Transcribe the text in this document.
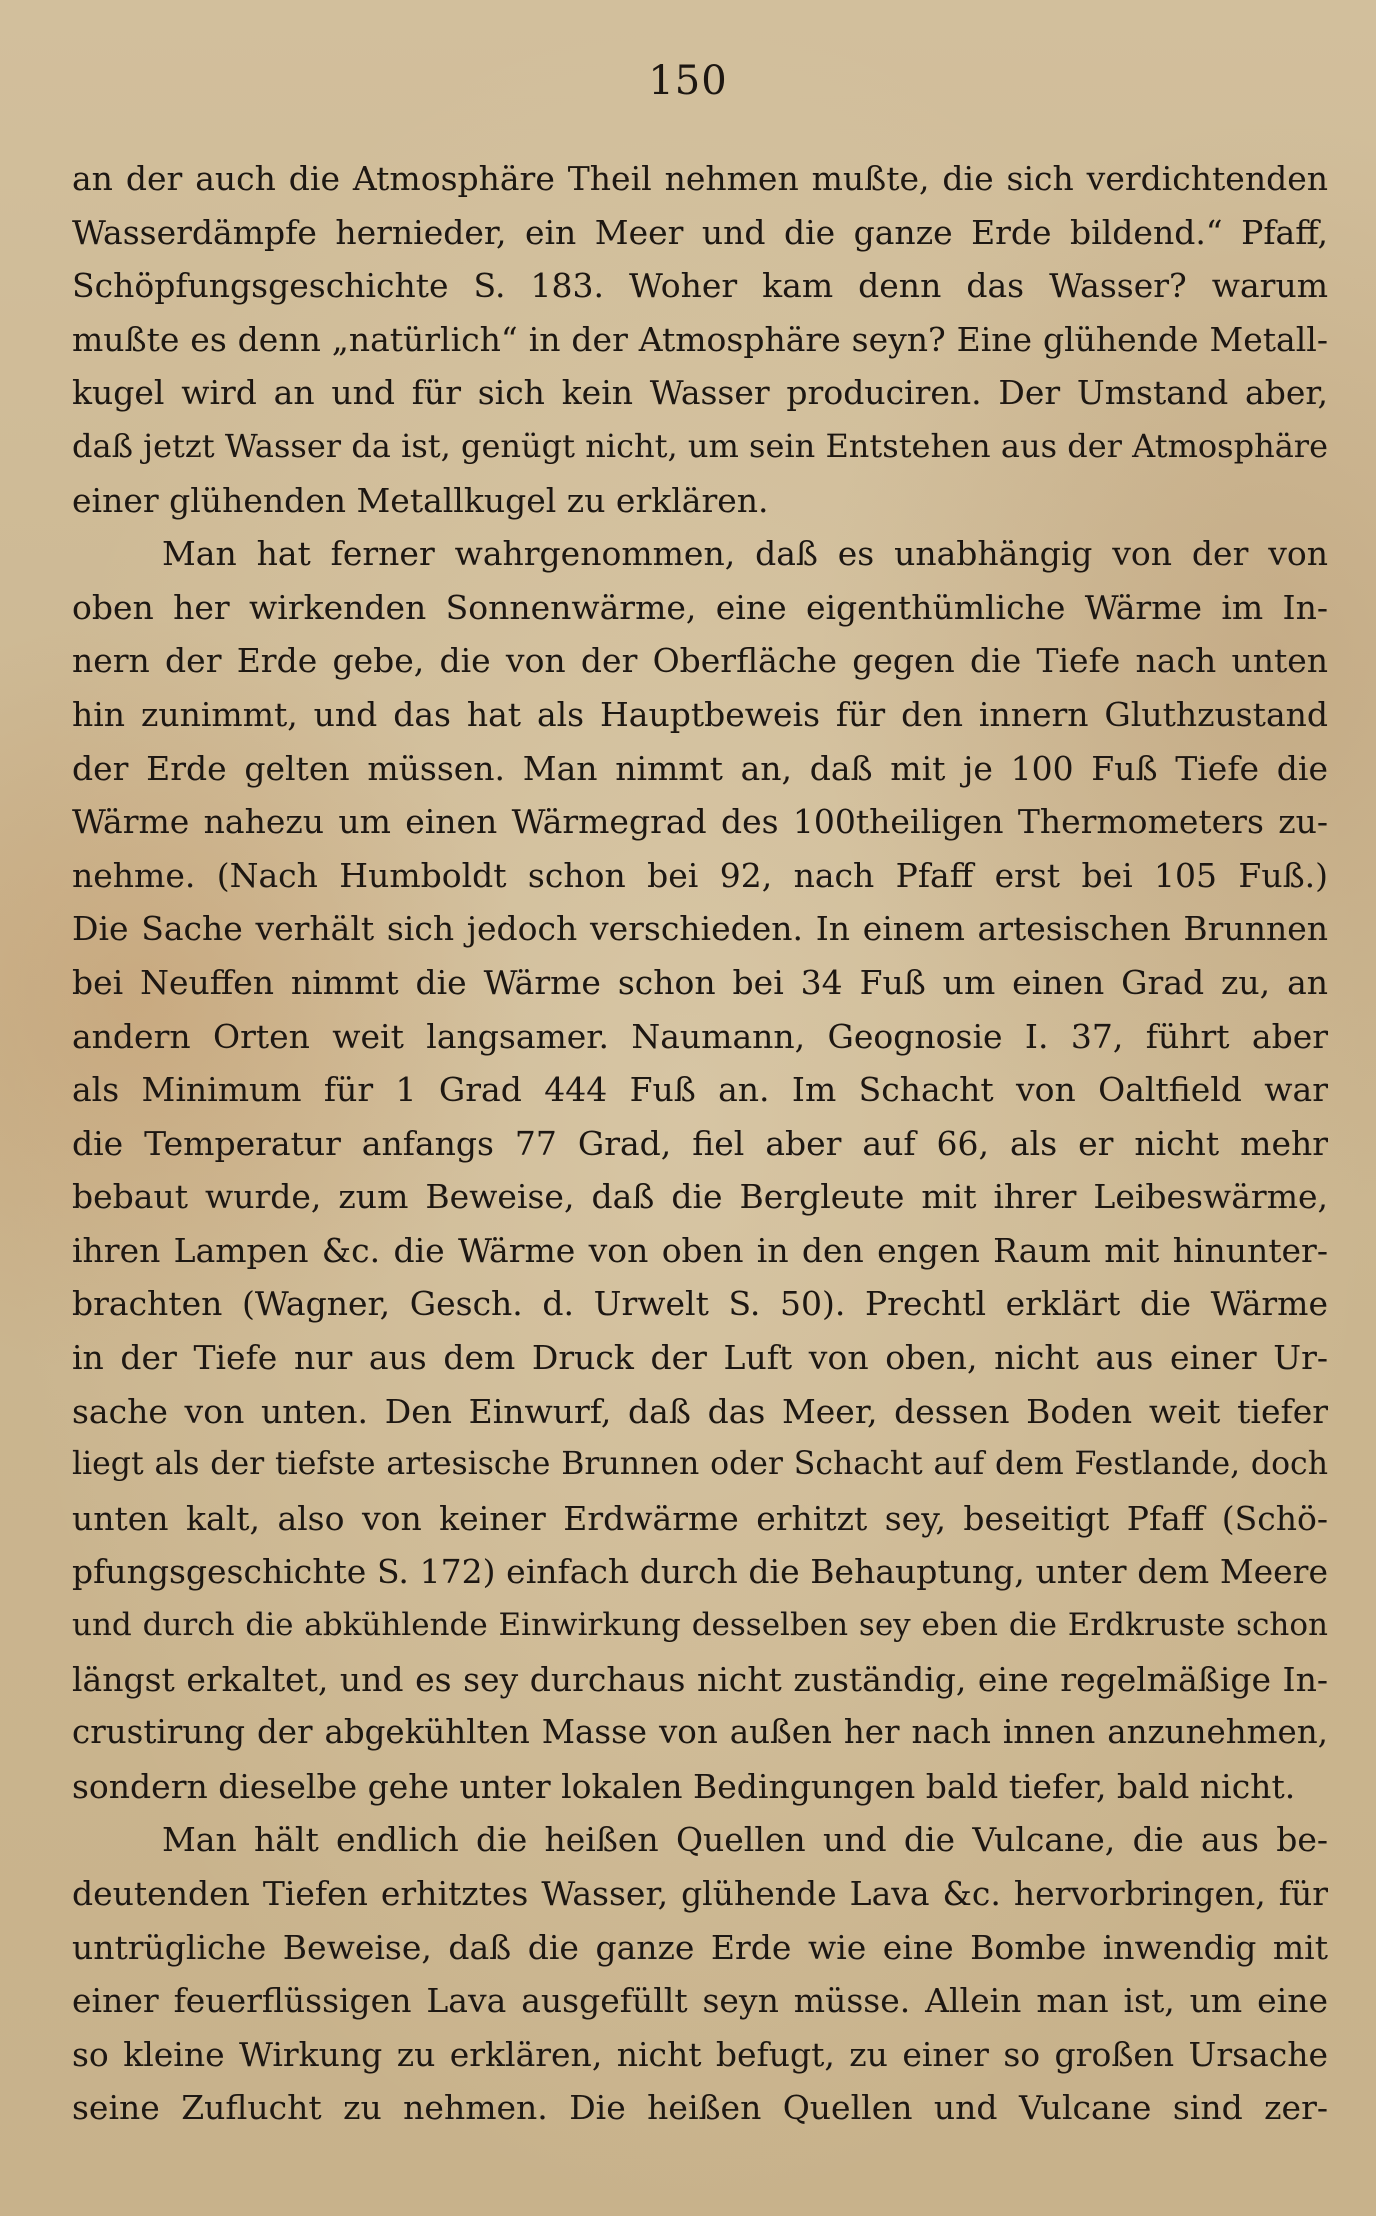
150
an der auch die Atmosphäre Theil nehmen mußte, die sich verdichtenden
Wasserdämpfe hernieder, ein Meer und die ganze Erde bildend.“ Pfaff,
Schöpfungsgeschichte S. 183. Woher kam denn das Wasser? warum
mußte es denn „natürlich“ in der Atmosphäre seyn? Eine glühende Metall-
kugel wird an und für sich kein Wasser produciren. Der Umstand aber,
daß jetzt Wasser da ist, genügt nicht, um sein Entstehen aus der Atmosphäre
einer glühenden Metallkugel zu erklären.
Man hat ferner wahrgenommen, daß es unabhängig von der von
oben her wirkenden Sonnenwärme, eine eigenthümliche Wärme im In-
nern der Erde gebe, die von der Oberfläche gegen die Tiefe nach unten
hin zunimmt, und das hat als Hauptbeweis für den innern Gluthzustand
der Erde gelten müssen. Man nimmt an, daß mit je 100 Fuß Tiefe die
Wärme nahezu um einen Wärmegrad des 100theiligen Thermometers zu-
nehme. (Nach Humboldt schon bei 92, nach Pfaff erst bei 105 Fuß.)
Die Sache verhält sich jedoch verschieden. In einem artesischen Brunnen
bei Neuffen nimmt die Wärme schon bei 34 Fuß um einen Grad zu, an
andern Orten weit langsamer. Naumann, Geognosie I. 37, führt aber
als Minimum für 1 Grad 444 Fuß an. Im Schacht von Oaltfield war
die Temperatur anfangs 77 Grad, fiel aber auf 66, als er nicht mehr
bebaut wurde, zum Beweise, daß die Bergleute mit ihrer Leibeswärme,
ihren Lampen &c. die Wärme von oben in den engen Raum mit hinunter-
brachten (Wagner, Gesch. d. Urwelt S. 50). Prechtl erklärt die Wärme
in der Tiefe nur aus dem Druck der Luft von oben, nicht aus einer Ur-
sache von unten. Den Einwurf, daß das Meer, dessen Boden weit tiefer
liegt als der tiefste artesische Brunnen oder Schacht auf dem Festlande, doch
unten kalt, also von keiner Erdwärme erhitzt sey, beseitigt Pfaff (Schö-
pfungsgeschichte S. 172) einfach durch die Behauptung, unter dem Meere
und durch die abkühlende Einwirkung desselben sey eben die Erdkruste schon
längst erkaltet, und es sey durchaus nicht zuständig, eine regelmäßige In-
crustirung der abgekühlten Masse von außen her nach innen anzunehmen,
sondern dieselbe gehe unter lokalen Bedingungen bald tiefer, bald nicht.
Man hält endlich die heißen Quellen und die Vulcane, die aus be-
deutenden Tiefen erhitztes Wasser, glühende Lava &c. hervorbringen, für
untrügliche Beweise, daß die ganze Erde wie eine Bombe inwendig mit
einer feuerflüssigen Lava ausgefüllt seyn müsse. Allein man ist, um eine
so kleine Wirkung zu erklären, nicht befugt, zu einer so großen Ursache
seine Zuflucht zu nehmen. Die heißen Quellen und Vulcane sind zer-
